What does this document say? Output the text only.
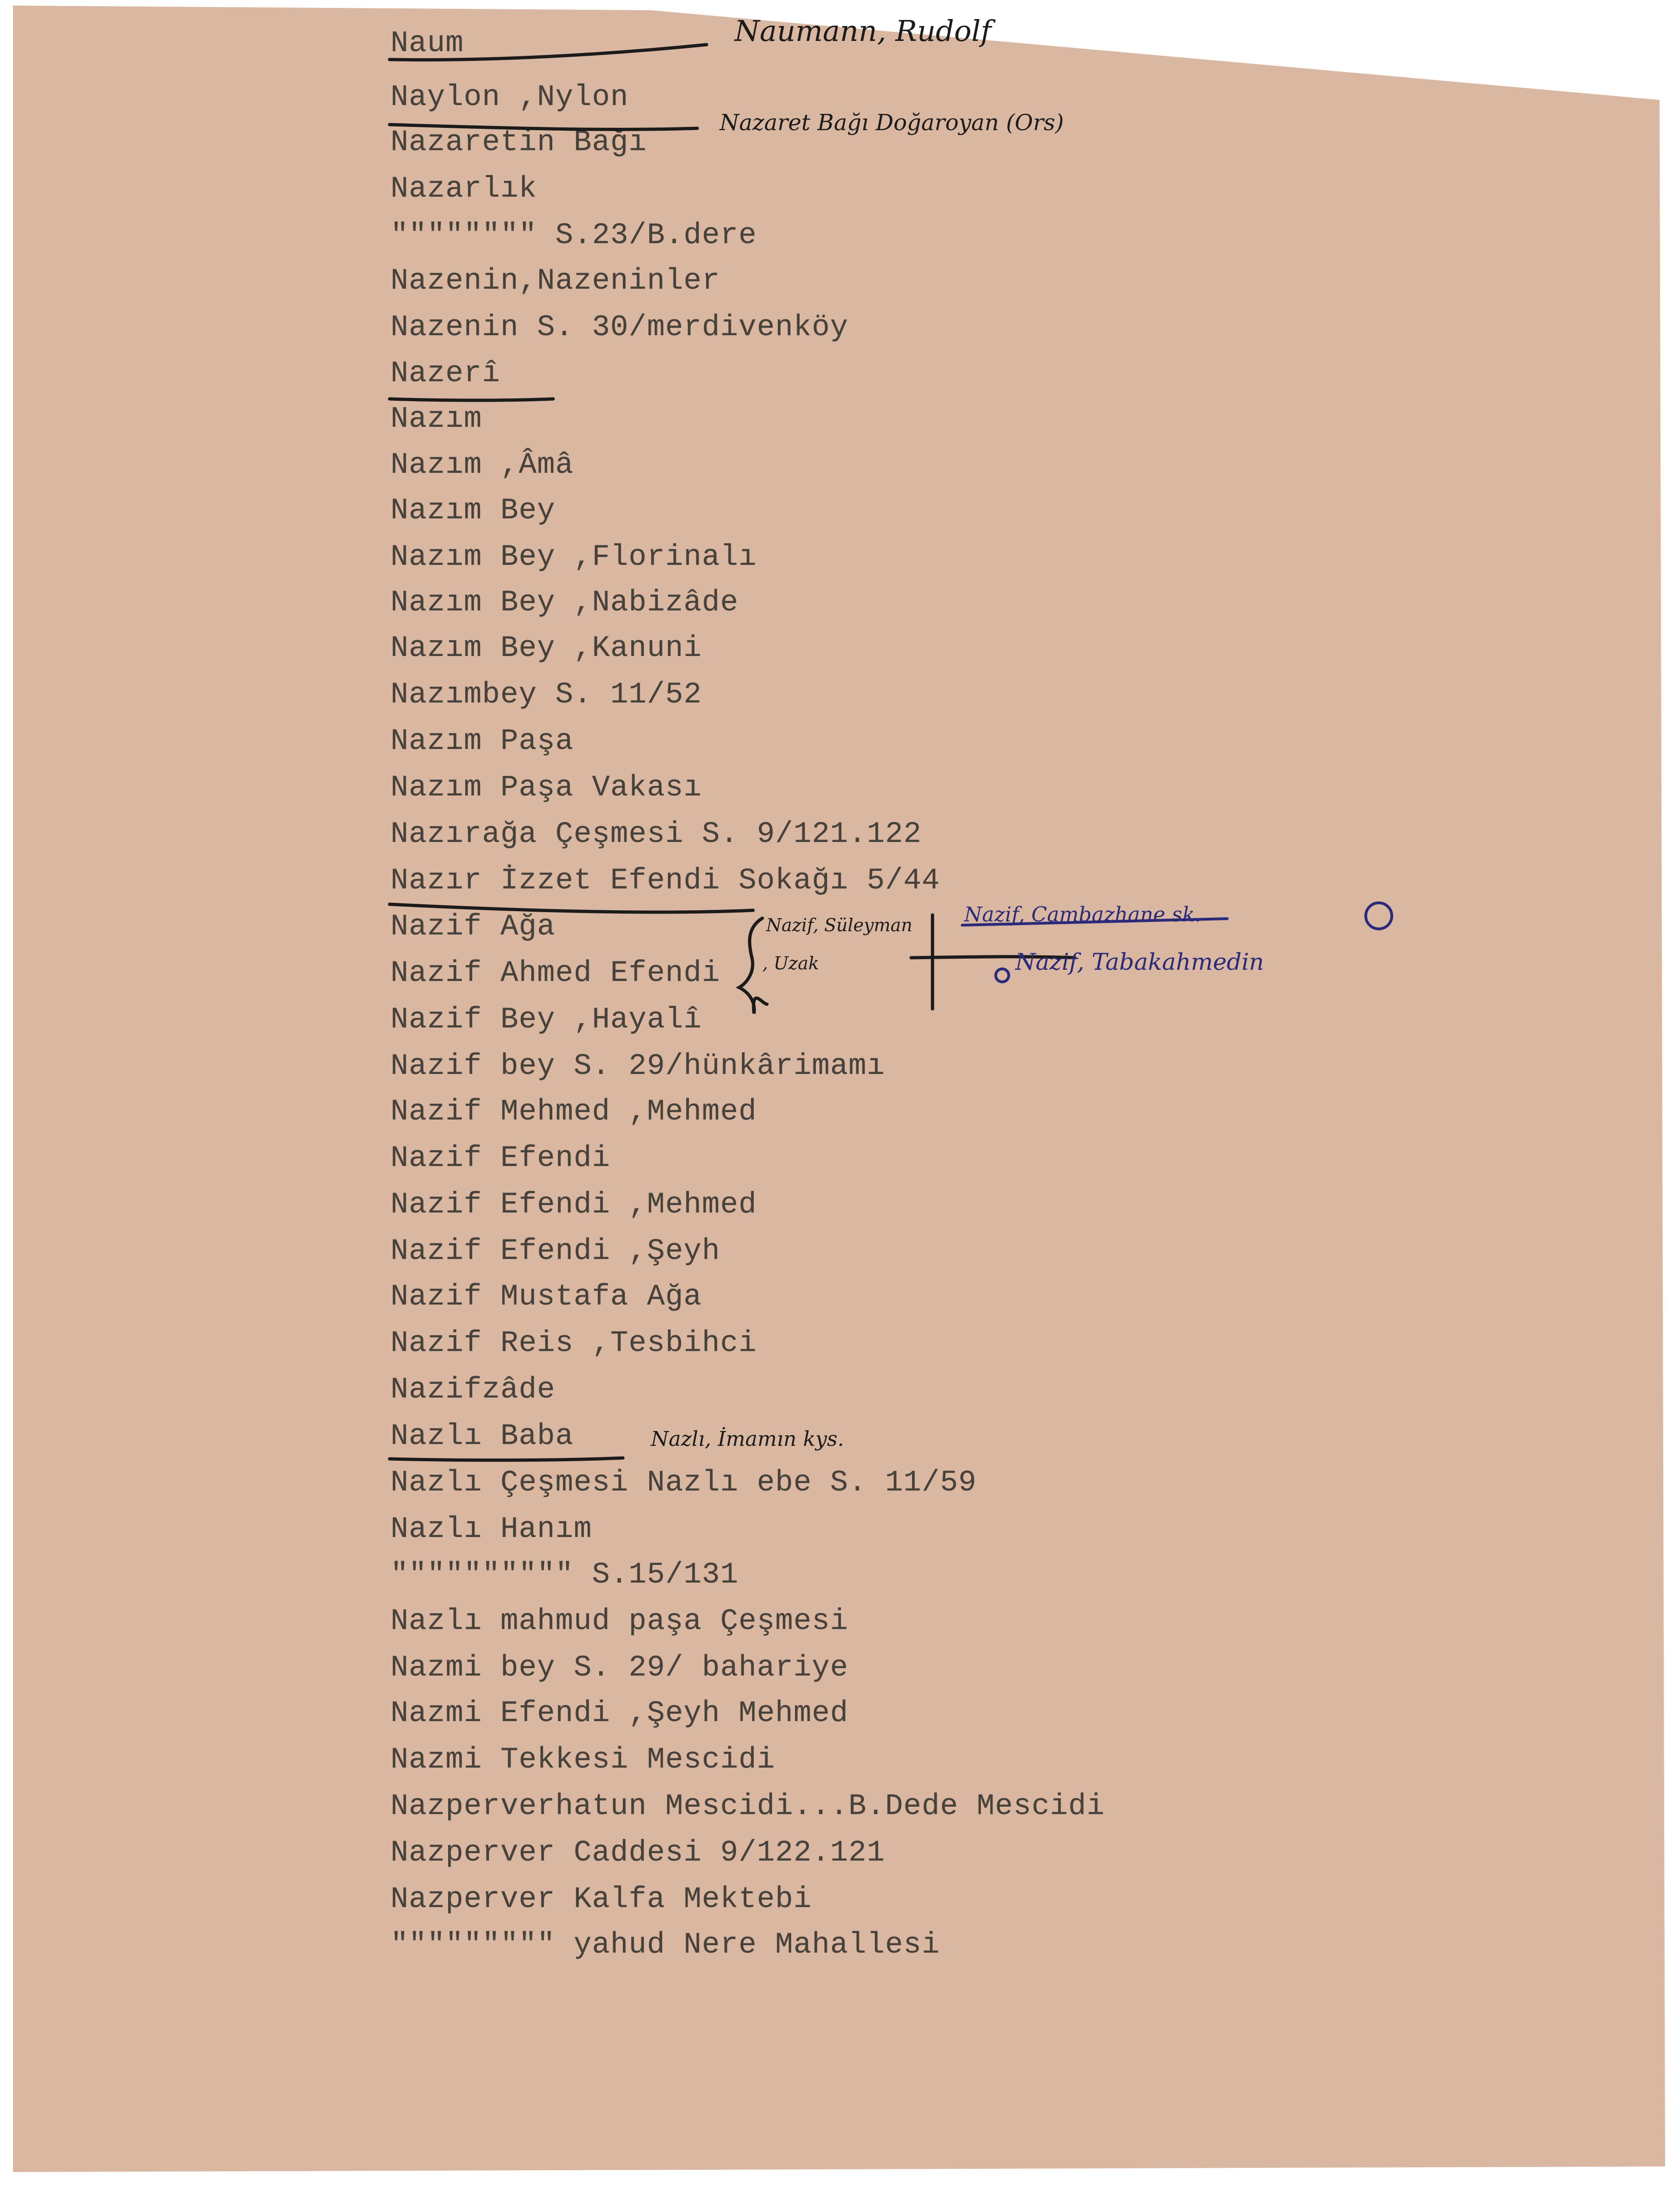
Naum
Naylon ,Nylon
Nazaretin Bağı
Nazarlık
"""""""" S.23/B.dere
Nazenin,Nazeninler
Nazenin S. 30/merdivenköy
Nazerî
Nazım
Nazım ,Âmâ
Nazım Bey
Nazım Bey ,Florinalı
Nazım Bey ,Nabizâde
Nazım Bey ,Kanuni
Nazımbey S. 11/52
Nazım Paşa
Nazım Paşa Vakası
Nazırağa Çeşmesi S. 9/121.122
Nazır İzzet Efendi Sokağı 5/44
Nazif Ağa
Nazif Ahmed Efendi
Nazif Bey ,Hayalî
Nazif bey S. 29/hünkârimamı
Nazif Mehmed ,Mehmed
Nazif Efendi
Nazif Efendi ,Mehmed
Nazif Efendi ,Şeyh
Nazif Mustafa Ağa
Nazif Reis ,Tesbihci
Nazifzâde
Nazlı Baba
Nazlı Çeşmesi Nazlı ebe S. 11/59
Nazlı Hanım
"""""""""" S.15/131
Nazlı mahmud paşa Çeşmesi
Nazmi bey S. 29/ bahariye
Nazmi Efendi ,Şeyh Mehmed
Nazmi Tekkesi Mescidi
Nazperverhatun Mescidi...B.Dede Mescidi
Nazperver Caddesi 9/122.121
Nazperver Kalfa Mektebi
""""""""" yahud Nere Mahallesi
Naumann, Rudolf
Nazaret Bağı Doğaroyan (Ors)
Nazif, Süleyman
, Uzak
Nazif, Cambazhane sk.
Nazif, Tabakahmedin
Nazlı, İmamın kys.
